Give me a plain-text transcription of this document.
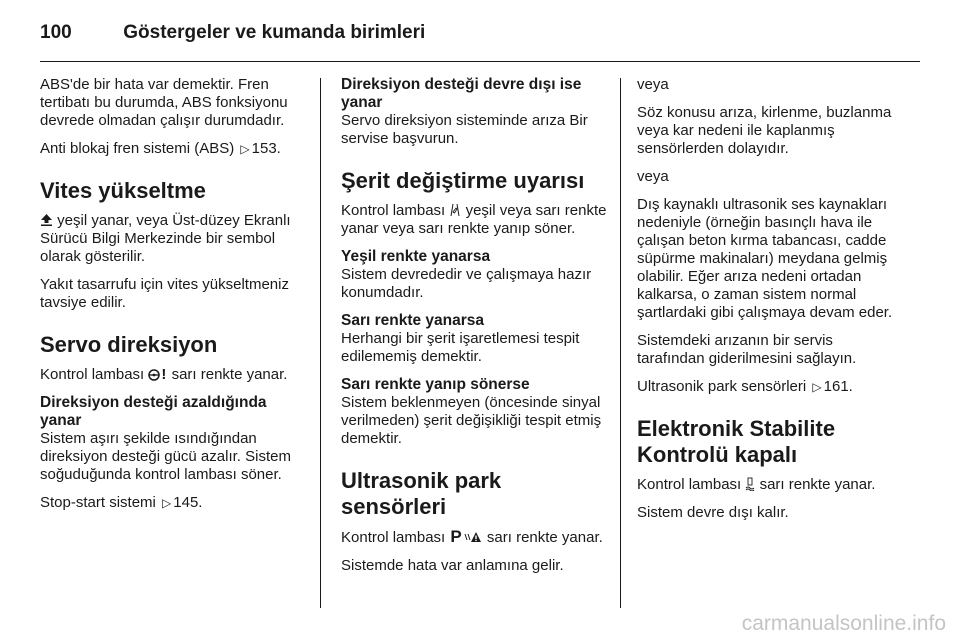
100	Göstergeler ve kumanda birimleri

ABS'de bir hata var demektir. Fren tertibatı bu durumda, ABS fonksiyonu devrede olmadan çalışır durumdadır.

Anti blokaj fren sistemi (ABS) ▷ 153.

Vites yükseltme

yeşil yanar, veya Üst-düzey Ekranlı Sürücü Bilgi Merkezinde bir sembol olarak gösterilir.

Yakıt tasarrufu için vites yükseltmeniz tavsiye edilir.

Servo direksiyon

Kontrol lambası ! sarı renkte yanar.

Direksiyon desteği azaldığında yanar

Sistem aşırı şekilde ısındığından direksiyon desteği gücü azalır. Sistem soğuduğunda kontrol lambası söner.

Stop-start sistemi ▷ 145.

Direksiyon desteği devre dışı ise yanar

Servo direksiyon sisteminde arıza Bir servise başvurun.

Şerit değiştirme uyarısı

Kontrol lambası yeşil veya sarı renkte yanar veya sarı renkte yanıp söner.

Yeşil renkte yanarsa

Sistem devrededir ve çalışmaya hazır konumdadır.

Sarı renkte yanarsa

Herhangi bir şerit işaretlemesi tespit edilememiş demektir.

Sarı renkte yanıp sönerse

Sistem beklenmeyen (öncesinde sinyal verilmeden) şerit değişikliği tespit etmiş demektir.

Ultrasonik park sensörleri

Kontrol lambası P sarı renkte yanar.

Sistemde hata var anlamına gelir.

veya

Söz konusu arıza, kirlenme, buzlanma veya kar nedeni ile kaplanmış sensörlerden dolayıdır.

veya

Dış kaynaklı ultrasonik ses kaynakları nedeniyle (örneğin basınçlı hava ile çalışan beton kırma tabancası, cadde süpürme makinaları) meydana gelmiş olabilir. Eğer arıza nedeni ortadan kalkarsa, o zaman sistem normal şartlardaki gibi çalışmaya devam eder.

Sistemdeki arızanın bir servis tarafından giderilmesini sağlayın.

Ultrasonik park sensörleri ▷ 161.

Elektronik Stabilite Kontrolü kapalı

Kontrol lambası sarı renkte yanar.

Sistem devre dışı kalır.

carmanualsonline.info
